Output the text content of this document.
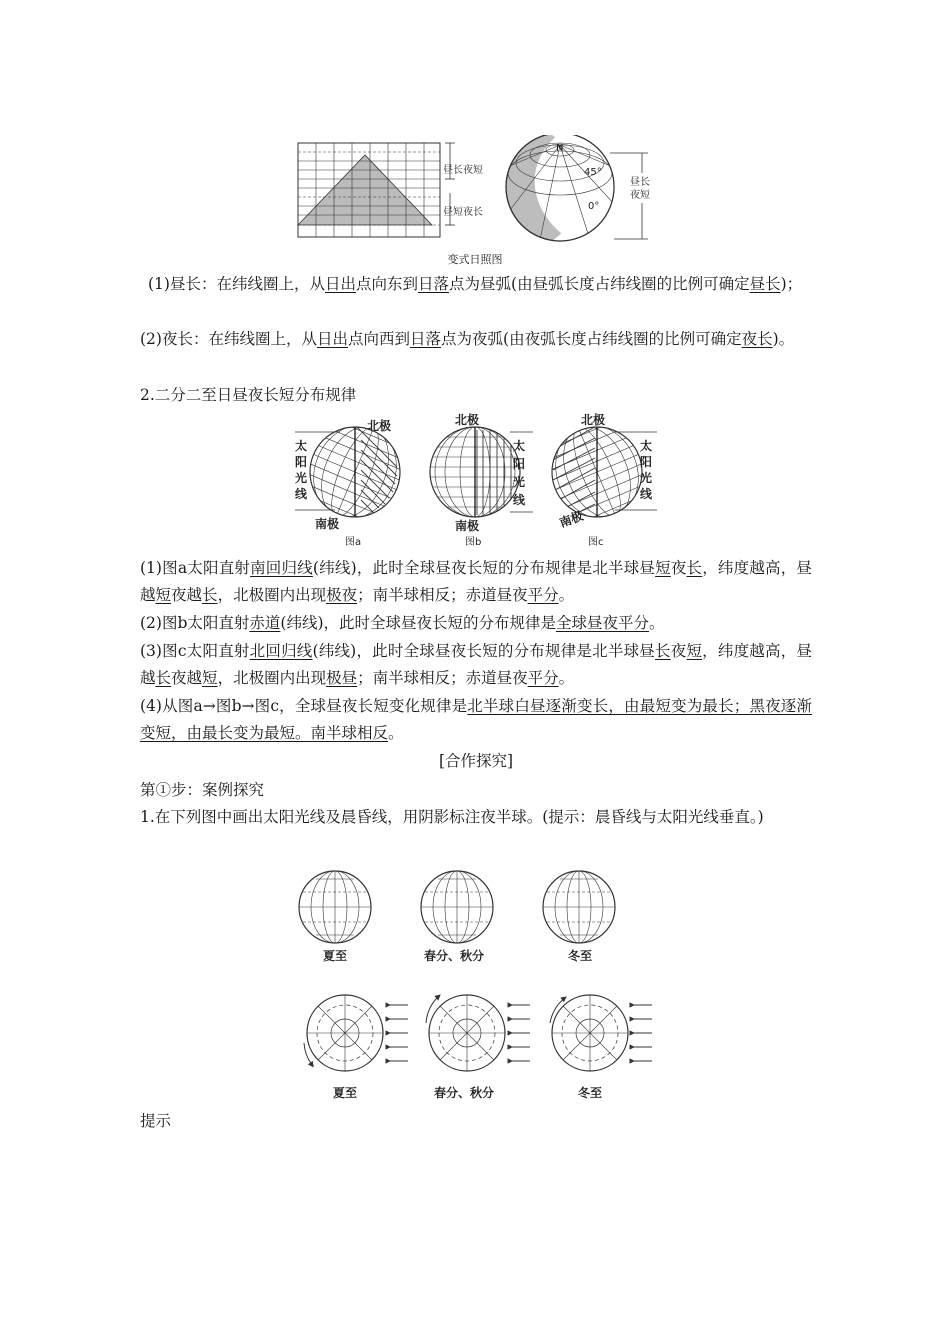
昼长夜短
昼短夜长
N
45°
0°
昼长
夜短
变式日照图
(1)昼长：在纬线圈上，从日出点向东到日落点为昼弧(由昼弧长度占纬线圈的比例可确定昼长)；
(2)夜长：在纬线圈上，从日出点向西到日落点为夜弧(由夜弧长度占纬线圈的比例可确定夜长)。
2.二分二至日昼夜长短分布规律
北极
南极
太
阳
光
线
图a
北极
南极
太
阳
光
线
图b
北极
南极
太
阳
光
线
图c
(1)图a太阳直射南回归线(纬线)，此时全球昼夜长短的分布规律是北半球昼短夜长，纬度越高，昼越短夜越长，北极圈内出现极夜；南半球相反；赤道昼夜平分。
(2)图b太阳直射赤道(纬线)，此时全球昼夜长短的分布规律是全球昼夜平分。
(3)图c太阳直射北回归线(纬线)，此时全球昼夜长短的分布规律是北半球昼长夜短，纬度越高，昼越长夜越短，北极圈内出现极昼；南半球相反；赤道昼夜平分。
(4)从图a→图b→图c，全球昼夜长短变化规律是北半球白昼逐渐变长，由最短变为最长；黑夜逐渐变短，由最长变为最短。南半球相反。
[合作探究]
第①步：案例探究
1.在下列图中画出太阳光线及晨昏线，用阴影标注夜半球。(提示：晨昏线与太阳光线垂直。)
夏至	春分、秋分	冬至
夏至	春分、秋分	冬至
提示
